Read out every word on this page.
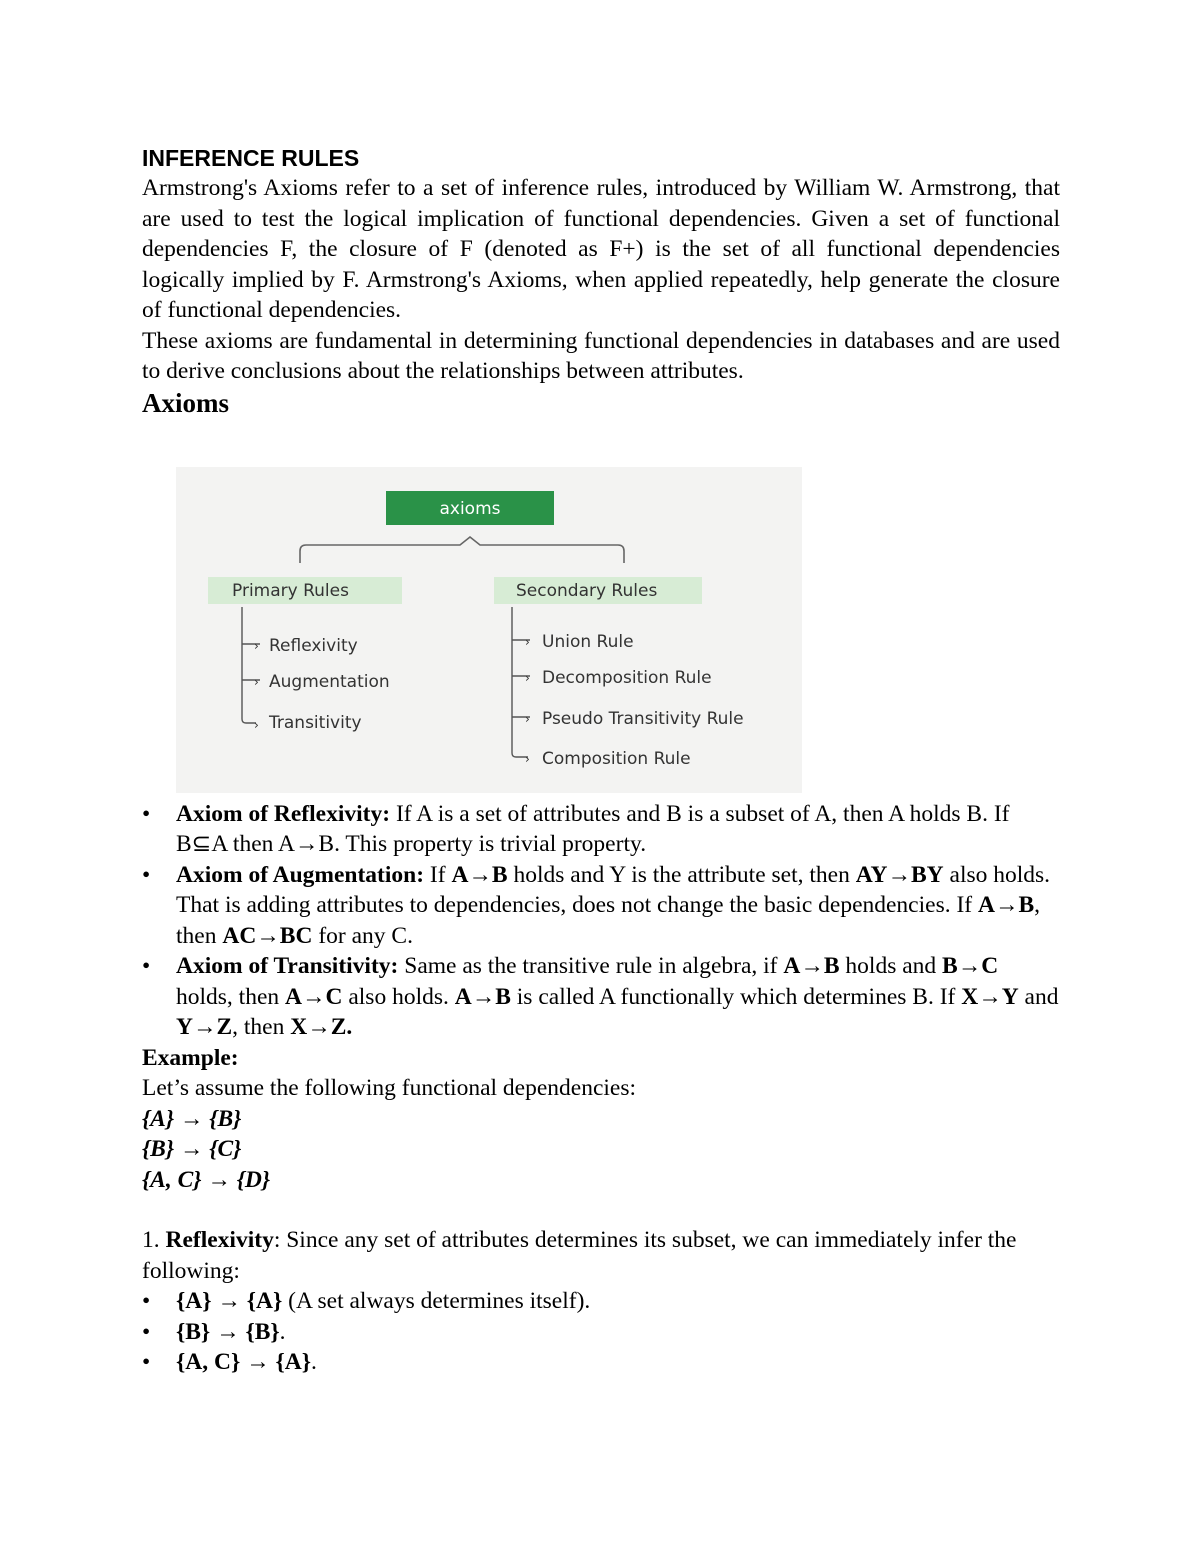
INFERENCE RULES

Armstrong's Axioms refer to a set of inference rules, introduced by William W. Armstrong, that are used to test the logical implication of functional dependencies. Given a set of functional dependencies F, the closure of F (denoted as F+) is the set of all functional dependencies logically implied by F. Armstrong's Axioms, when applied repeatedly, help generate the closure of functional dependencies.

These axioms are fundamental in determining functional dependencies in databases and are used to derive conclusions about the relationships between attributes.

Axioms
axioms
Primary Rules	Secondary Rules
›
›
›
Reflexivity
Augmentation
Transitivity
›
›
›
›
Union Rule
Decomposition Rule
Pseudo Transitivity Rule
Composition Rule
• Axiom of Reflexivity: If A is a set of attributes and B is a subset of A, then A holds B. If B⊆A then A→B. This property is trivial property.
• Axiom of Augmentation: If A→B holds and Y is the attribute set, then AY→BY also holds. That is adding attributes to dependencies, does not change the basic dependencies. If A→B, then AC→BC for any C.
• Axiom of Transitivity: Same as the transitive rule in algebra, if A→B holds and B→C holds, then A→C also holds. A→B is called A functionally which determines B. If X→Y and Y→Z, then X→Z.

Example:

Let’s assume the following functional dependencies:

{A} → {B}

{B} → {C}

{A, C} → {D}

1. Reflexivity: Since any set of attributes determines its subset, we can immediately infer the following:

• {A} → {A} (A set always determines itself).
• {B} → {B}.
• {A, C} → {A}.
